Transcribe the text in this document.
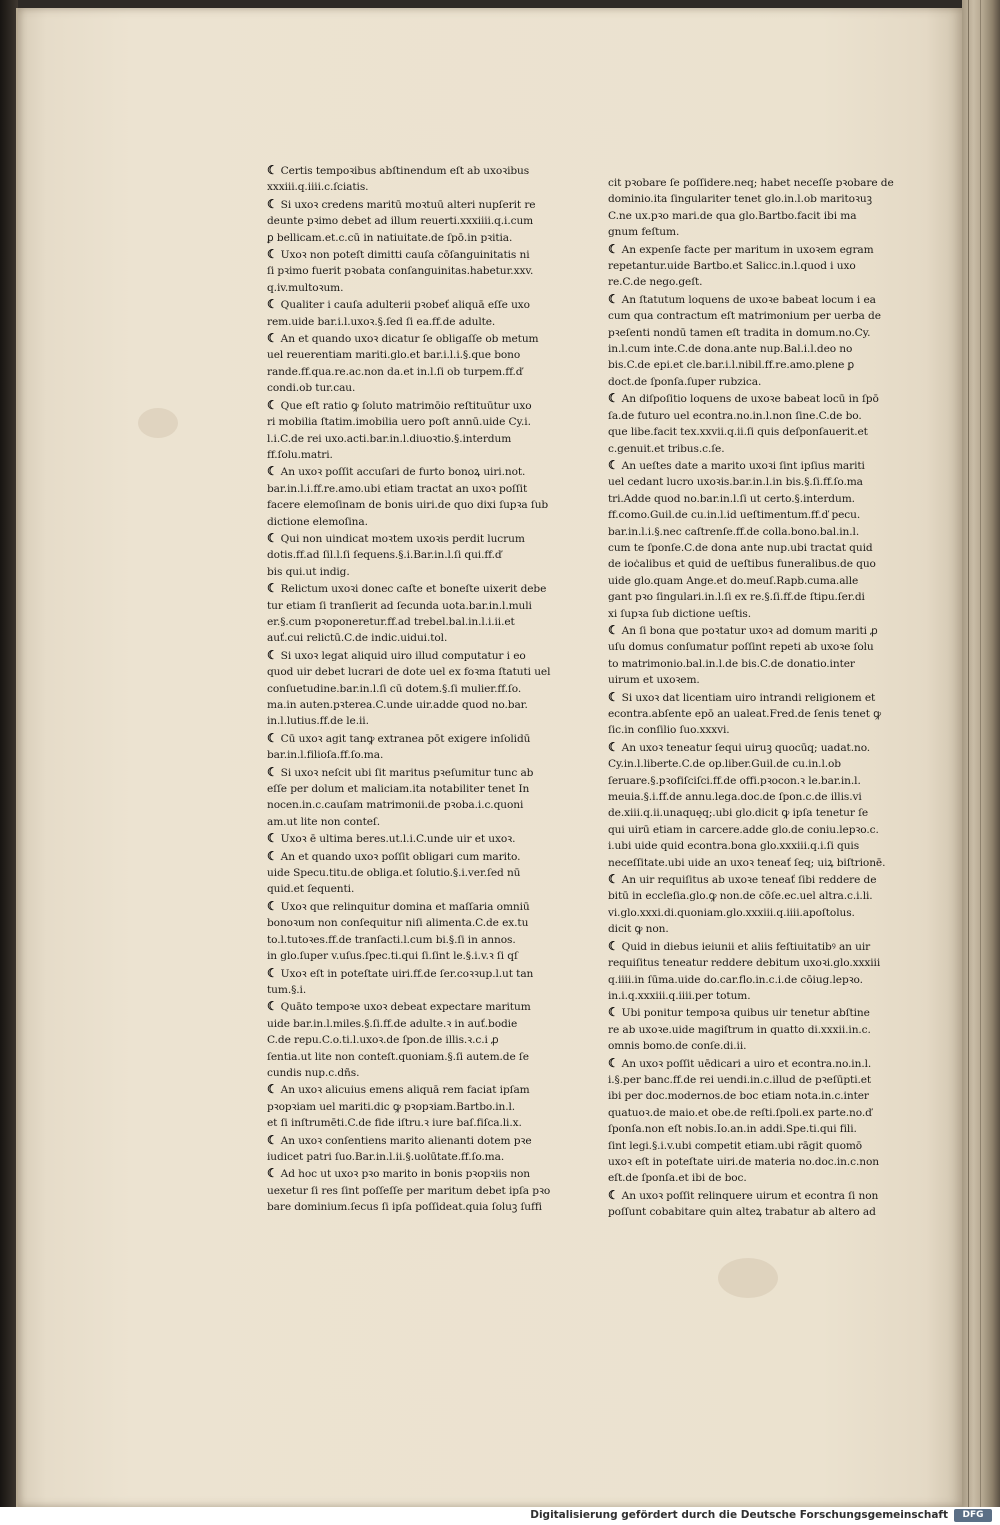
☾ Certis tempoꝛibus abſtinendum eſt ab uxoꝛibus
xxxiii.q.iiii.c.ſciatis.
☾ Si uxoꝛ credens maritū moꝛtuū alteri nupſerit re
deunte pꝛimo debet ad illum reuerti.xxxiiii.q.i.cum
ꝑ bellicam.et.c.cū in natiuitate.de ſpō.in pꝛitia.
☾ Uxoꝛ non poteſt dimitti cauſa cōſanguinitatis ni
ſi pꝛimo fuerit pꝛobata conſanguinitas.habetur.xxv.
q.iv.multoꝛum.
☾ Qualiter i cauſa adulterii pꝛobeť aliquā eſſe uxo
rem.uide bar.i.l.uxoꝛ.§.ſed ſi ea.ff.de adulte.
☾ An et quando uxoꝛ dicatur ſe obligaſſe ob metum
uel reuerentiam mariti.glo.et bar.i.l.i.§.que bono
rande.ff.qua.re.ac.non da.et in.l.ſi ob turpem.ff.ď
condi.ob tur.cau.
☾ Que eſt ratio ꝙ ſoluto matrimōio reſtituūtur uxo
ri mobilia ſtatim.imobilia uero poſt annū.uide Cy.i.
l.i.C.de rei uxo.acti.bar.in.l.diuoꝛtio.§.interdum
ff.ſolu.matri.
☾ An uxoꝛ poſſit accuſari de furto bonoꝝ uiri.not.
bar.in.l.i.ff.re.amo.ubi etiam tractat an uxoꝛ poſſit
facere elemoſinam de bonis uiri.de quo dixi ſupꝛa ſub
dictione elemoſina.
☾ Qui non uindicat moꝛtem uxoꝛis perdit lucrum
dotis.ff.ad ſil.l.ſi ſequens.§.i.Bar.in.l.ſi qui.ff.ď
bis qui.ut indig.
☾ Relictum uxoꝛi donec caſte et boneſte uixerit debe
tur etiam ſi tranſierit ad ſecunda uota.bar.in.l.muli
er.§.cum pꝛoponeretur.ff.ad trebel.bal.in.l.i.ii.et
auť.cui relictū.C.de indic.uidui.tol.
☾ Si uxoꝛ legat aliquid uiro illud computatur i eo
quod uir debet lucrari de dote uel ex foꝛma ſtatuti uel
conſuetudine.bar.in.l.ſi cū dotem.§.ſi mulier.ff.ſo.
ma.in auten.pꝛterea.C.unde uir.adde quod no.bar.
in.l.lutius.ff.de le.ii.
☾ Cū uxoꝛ agit tanꝙ extranea pōt exigere inſolidū
bar.in.l.filioſa.ff.ſo.ma.
☾ Si uxoꝛ neſcit ubi ſit maritus pꝛeſumitur tunc ab
eſſe per dolum et maliciam.ita notabiliter tenet In
nocen.in.c.cauſam matrimonii.de pꝛoba.i.c.quoni
am.ut lite non conteſ.
☾ Uxoꝛ ē ultima beres.ut.l.i.C.unde uir et uxoꝛ.
☾ An et quando uxoꝛ poſſit obligari cum marito.
uide Specu.titu.de obliga.et ſolutio.§.i.ver.ſed nū
quid.et ſequenti.
☾ Uxoꝛ que relinquitur domina et maſſaria omniū
bonoꝛum non conſequitur niſi alimenta.C.de ex.tu
to.l.tutoꝛes.ff.de tranſacti.l.cum bi.§.ſi in annos.
in glo.ſuper v.uſus.ſpec.ti.qui ſi.ſint le.§.i.v.ꝛ ſi qſ
☾ Uxoꝛ eſt in poteſtate uiri.ff.de ſer.coꝛꝛup.l.ut tan
tum.§.i.
☾ Quāto tempoꝛe uxoꝛ debeat expectare maritum
uide bar.in.l.miles.§.ſi.ff.de adulte.ꝛ in auť.bodie
C.de repu.C.o.ti.l.uxoꝛ.de ſpon.de illis.ꝛ.c.i ꝓ
ſentia.ut lite non conteſt.quoniam.§.ſi autem.de ſe
cundis nup.c.dñs.
☾ An uxoꝛ alicuius emens aliquā rem faciat ipſam
pꝛopꝛiam uel mariti.dic ꝙ pꝛopꝛiam.Bartbo.in.l.
et ſi inſtrumēti.C.de fide iſtru.ꝛ iure baſ.fiſca.li.x.
☾ An uxoꝛ conſentiens marito alienanti dotem pꝛe
iudicet patri ſuo.Bar.in.l.ii.§.uolūtate.ff.ſo.ma.
☾ Ad hoc ut uxoꝛ pꝛo marito in bonis pꝛopꝛiis non
uexetur ſi res ſint poſſeſſe per maritum debet ipſa pꝛo
bare dominium.ſecus ſi ipſa poſſideat.quia ſoluꝫ ſuffi
cit pꝛobare ſe poſſidere.neq; habet neceſſe pꝛobare de
dominio.ita ſingulariter tenet glo.in.l.ob maritoꝛuꝫ
C.ne ux.pꝛo mari.de qua glo.Bartbo.facit ibi ma
gnum feſtum.
☾ An expenſe facte per maritum in uxoꝛem egram
repetantur.uide Bartbo.et Salicc.in.l.quod i uxo
re.C.de nego.geſt.
☾ An ſtatutum loquens de uxoꝛe babeat locum i ea
cum qua contractum eſt matrimonium per uerba de
pꝛeſenti nondū tamen eſt tradita in domum.no.Cy.
in.l.cum inte.C.de dona.ante nup.Bal.i.l.deo no
bis.C.de epi.et cle.bar.i.l.nibil.ff.re.amo.plene ꝑ
doct.de ſponſa.ſuper rubzica.
☾ An diſpoſitio loquens de uxoꝛe babeat locū in ſpō
ſa.de futuro uel econtra.no.in.l.non ſine.C.de bo.
que libe.facit tex.xxvii.q.ii.ſi quis deſponſauerit.et
c.genuit.et tribus.c.ſe.
☾ An ueſtes date a marito uxoꝛi ſint ipſius mariti
uel cedant lucro uxoꝛis.bar.in.l.in bis.§.ſi.ff.ſo.ma
tri.Adde quod no.bar.in.l.ſi ut certo.§.interdum.
ff.como.Guil.de cu.in.l.id ueſtimentum.ff.ď pecu.
bar.in.l.i.§.nec caſtrenſe.ff.de colla.bono.bal.in.l.
cum te ſponſe.C.de dona ante nup.ubi tractat quid
de ioċalibus et quid de ueſtibus funeralibus.de quo
uide glo.quam Ange.et do.meuſ.Rapb.cuma.alle
gant pꝛo ſingulari.in.l.ſi ex re.§.ſi.ff.de ſtipu.ſer.di
xi ſupꝛa ſub dictione ueſtis.
☾ An ſi bona que poꝛtatur uxoꝛ ad domum mariti ꝓ
uſu domus conſumatur poſſint repeti ab uxoꝛe ſolu
to matrimonio.bal.in.l.de bis.C.de donatio.inter
uirum et uxoꝛem.
☾ Si uxoꝛ dat licentiam uiro intrandi religionem et
econtra.abſente epō an ualeat.Fred.de ſenis tenet ꝙ
ſic.in conſilio ſuo.xxxvi.
☾ An uxoꝛ teneatur ſequi uiruꝫ quocūq; uadat.no.
Cy.in.l.liberte.C.de op.liber.Guil.de cu.in.l.ob
ſeruare.§.pꝛofiſciſci.ff.de offi.pꝛocon.ꝛ le.bar.in.l.
meuia.§.i.ff.de annu.lega.doc.de ſpon.c.de illis.vi
de.xiii.q.ii.unaquęq;.ubi glo.dicit ꝙ ipſa tenetur ſe
qui uirū etiam in carcere.adde glo.de coniu.lepꝛo.c.
i.ubi uide quid econtra.bona glo.xxxiii.q.i.ſi quis
neceſſitate.ubi uide an uxoꝛ teneať ſeq; uiꝝ biſtrionē.
☾ An uir requiſitus ab uxoꝛe teneať ſibi reddere de
bitū in eccleſia.glo.ꝙ non.de cōſe.ec.uel altra.c.i.li.
vi.glo.xxxi.di.quoniam.glo.xxxiii.q.iiii.apoſtolus.
dicit ꝙ non.
☾ Quid in diebus ieiunii et aliis feſtiuitatibꝰ an uir
requiſitus teneatur reddere debitum uxoꝛi.glo.xxxiii
q.iiii.in ſūma.uide do.car.flo.in.c.i.de cōiug.lepꝛo.
in.i.q.xxxiii.q.iiii.per totum.
☾ Ubi ponitur tempoꝛa quibus uir tenetur abſtine
re ab uxoꝛe.uide magiſtrum in quatto di.xxxii.in.c.
omnis bomo.de conſe.di.ii.
☾ An uxoꝛ poſſit uēdicari a uiro et econtra.no.in.l.
i.§.per banc.ff.de rei uendi.in.c.illud de pꝛeſūpti.et
ibi per doc.modernos.de boc etiam nota.in.c.inter
quatuoꝛ.de maio.et obe.de reſti.ſpoli.ex parte.no.ď
ſponſa.non eſt nobis.Io.an.in addi.Spe.ti.qui fili.
ſint legi.§.i.v.ubi competit etiam.ubi rāgit quomō
uxoꝛ eſt in poteſtate uiri.de materia no.doc.in.c.non
eſt.de ſponſa.et ibi de boc.
☾ An uxoꝛ poſſit relinquere uirum et econtra ſi non
poſſunt cobabitare quin alteꝝ trabatur ab altero ad
Digitalisierung gefördert durch die Deutsche Forschungsgemeinschaft	DFG
